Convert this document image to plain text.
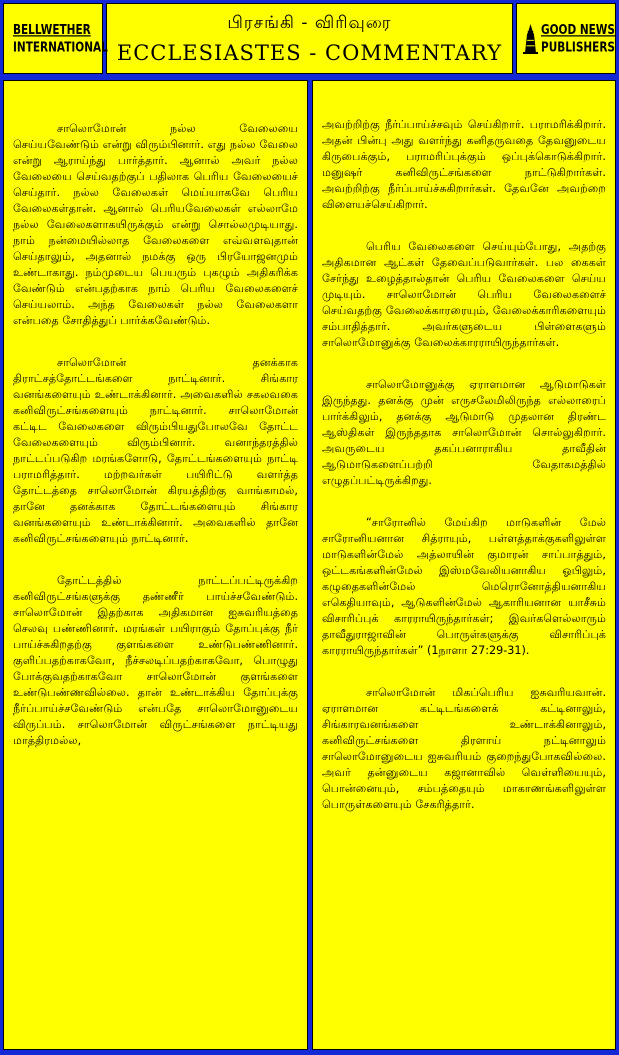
BELLWETHER
INTERNATIONAL
பிரசங்கி - விரிவுரை
ECCLESIASTES - COMMENTARY
GOOD NEWS
PUBLISHERS

சாலொமோன் நல்ல வேலையை செய்யவேண்டும் என்று விரும்பினார். எது நல்ல வேலை என்று ஆராய்ந்து பார்த்தார். ஆனால் அவர் நல்ல வேலையை செய்வதற்குப் பதிலாக பெரிய வேலையைச் செய்தார். நல்ல வேலைகள் மெய்யாகவே பெரிய வேலைகள்தான். ஆனால் பெரியவேலைகள் எல்லாமே நல்ல வேலைகளாகயிருக்கும் என்று சொல்லமுடியாது. நாம் நன்மையில்லாத வேலைகளை எவ்வளவுதான் செய்தாலும், அதனால் நமக்கு ஒரு பிரயோஜனமும் உண்டாகாது. நம்முடைய பெயரும் புகழும் அதிகரிக்க வேண்டும் என்பதற்காக நாம் பெரிய வேலைகளைச் செய்யலாம். அந்த வேலைகள் நல்ல வேலைகளா என்பதை சோதித்துப் பார்க்கவேண்டும்.

சாலொமோன் தனக்காக திராட்சத்தோட்டங்களை நாட்டினார். சிங்கார வனங்களையும் உண்டாக்கினார். அவைகளில் சகலவகை கனிவிருட்சங்களையும் நாட்டினார். சாலொமோன் கட்டிட வேலைகளை விரும்பியதுபோலவே தோட்ட வேலைகளையும் விரும்பினார். வனாந்தரத்தில் நாட்டப்படுகிற மரங்களோடு, தோட்டங்களையும் நாட்டி பராமரித்தார். மற்றவர்கள் பயிரிட்டு வளர்த்த தோட்டத்தை சாலொமோன் கிரயத்திற்கு வாங்காமல், தானே தனக்காக தோட்டங்களையும் சிங்கார வனங்களையும் உண்டாக்கினார். அவைகளில் தானே கனிவிருட்சங்களையும் நாட்டினார்.

தோட்டத்தில் நாட்டப்பட்டிருக்கிற கனிவிருட்சங்களுக்கு தண்ணீர் பாய்ச்சவேண்டும். சாலொமோன் இதற்காக அதிகமான ஐசுவரியத்தை செலவு பண்ணினார். மரங்கள் பயிராகும் தோப்புக்கு நீர் பாய்ச்சுகிறதற்கு குளங்களை உண்டுபண்ணினார். குளிப்பதற்காகவோ, நீச்சலடிப்பதற்காகவோ, பொழுது போக்குவதற்காகவோ சாலொமோன் குளங்களை உண்டுபண்ணவில்லை. தான் உண்டாக்கிய தோப்புக்கு நீர்ப்பாய்ச்சவேண்டும் என்பதே சாலொமோனுடைய விருப்பம். சாலொமோன் விருட்சங்களை நாட்டியது மாத்திரமல்ல,

அவற்றிற்கு நீர்ப்பாய்ச்சவும் செய்கிறார். பராமரிக்கிறார். அதன் பின்பு அது வளர்ந்து கனிதருவதை தேவனுடைய கிருபைக்கும், பராமரிப்புக்கும் ஒப்புக்கொடுக்கிறார். மனுஷர் கனிவிருட்சங்களை நாட்டுகிறார்கள். அவற்றிற்கு நீர்ப்பாய்ச்சுகிறார்கள். தேவனே அவற்றை விளையச்செய்கிறார்.

பெரிய வேலைகளை செய்யும்போது, அதற்கு அதிகமான ஆட்கள் தேவைப்படுவார்கள். பல கைகள் சேர்ந்து உழைத்தால்தான் பெரிய வேலைகளை செய்ய முடியும். சாலொமோன் பெரிய வேலைகளைச் செய்வதற்கு வேலைக்காரரையும், வேலைக்காரிகளையும் சம்பாதித்தார். அவர்களுடைய பிள்ளைகளும் சாலொமோனுக்கு வேலைக்காரராயிருந்தார்கள்.

சாலொமோனுக்கு ஏராளமான ஆடுமாடுகள் இருந்தது. தனக்கு முன் எருசலேமிலிருந்த எல்லாரைப் பார்க்கிலும், தனக்கு ஆடுமாடு முதலான திரண்ட ஆஸ்திகள் இருந்ததாக சாலொமோன் சொல்லுகிறார். அவருடைய தகப்பனாராகிய தாவீதின் ஆடுமாடுகளைப்பற்றி வேதாகமத்தில் எழுதப்பட்டிருக்கிறது.

“சாரோனில் மேய்கிற மாடுகளின் மேல் சாரோனியனான சித்ராயும், பள்ளத்தாக்குகளிலுள்ள மாடுகளின்மேல் அத்லாயின் குமாரன் சாப்பாத்தும், ஒட்டகங்களின்மேல் இஸ்மவேலியனாகிய ஓபிலும், கழுதைகளின்மேல் மெரொனோத்தியனாகிய எகெதியாவும், ஆடுகளின்மேல் ஆகாரியனான யாசீசும் விசாரிப்புக் காரராயிருந்தார்கள்; இவர்களெல்லாரும் தாவீதுராஜாவின் பொருள்களுக்கு விசாரிப்புக் காரராயிருந்தார்கள்” (1நாளா 27:29-31).

சாலொமோன் மிகப்பெரிய ஐசுவரியவான். ஏராளமான கட்டிடங்களைக் கட்டினாலும், சிங்காரவனங்களை உண்டாக்கினாலும், கனிவிருட்சங்களை திரளாய் நட்டினாலும் சாலொமோனுடைய ஐசுவரியம் குறைந்துபோகவில்லை. அவர் தன்னுடைய கஜானாவில் வெள்ளியையும், பொன்னையும், சம்பத்தையும் மாகாணங்களிலுள்ள பொருள்களையும் சேகரித்தார்.
